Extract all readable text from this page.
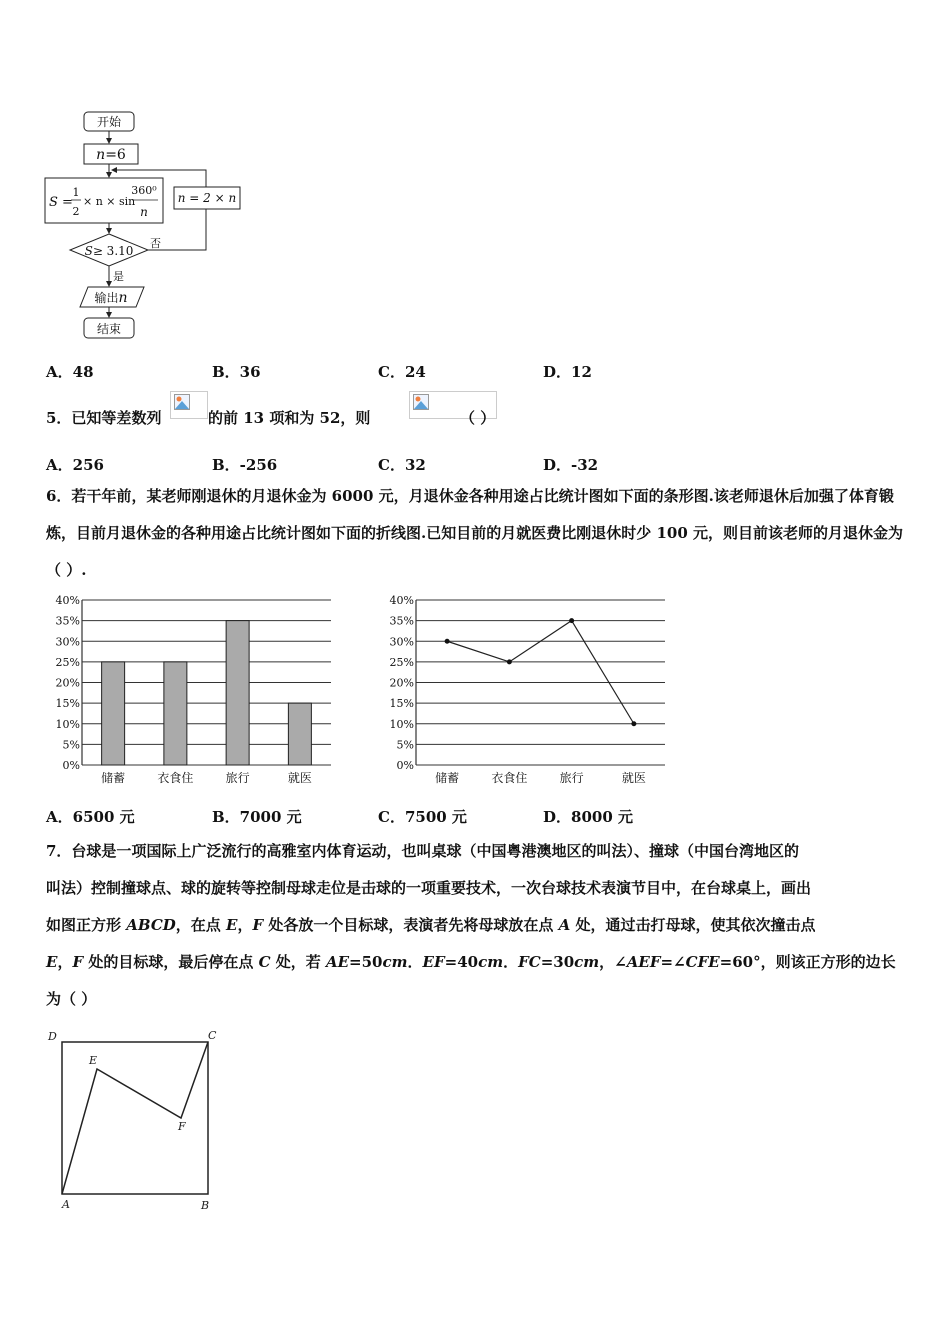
开始
n=6
S =
1
2
× n × sin
360⁰
n
S≥ 3.10
否
是
n = 2 × n
输出n
结束
A．48	B．36	C．24	D．12
5．已知等差数列
	的前 13 项和为 52，则	（ ）
A．256	B．-256	C．32	D．-32
6．若干年前，某老师刚退休的月退休金为 6000 元，月退休金各种用途占比统计图如下面的条形图.该老师退休后加强了体育锻炼，目前月退休金的各种用途占比统计图如下面的折线图.已知目前的月就医费比刚退休时少 100 元，则目前该老师的月退休金为（ ）.
0%
5%
10%
15%
20%
25%
30%
35%
40%
储蓄	衣食住	旅行	就医
0%
5%
10%
15%
20%
25%
30%
35%
40%
储蓄	衣食住	旅行	就医
A．6500 元	B．7000 元	C．7500 元	D．8000 元
7．台球是一项国际上广泛流行的高雅室内体育运动，也叫桌球（中国粤港澳地区的叫法）、撞球（中国台湾地区的
叫法）控制撞球点、球的旋转等控制母球走位是击球的一项重要技术，一次台球技术表演节目中，在台球桌上，画出
如图正方形 ABCD，在点 E，F 处各放一个目标球，表演者先将母球放在点 A 处，通过击打母球，使其依次撞击点
E，F 处的目标球，最后停在点 C 处，若 AE=50cm．EF=40cm．FC=30cm，∠AEF=∠CFE=60°，则该正方形的边长
为（ ）
D	C
E
F
A	B
